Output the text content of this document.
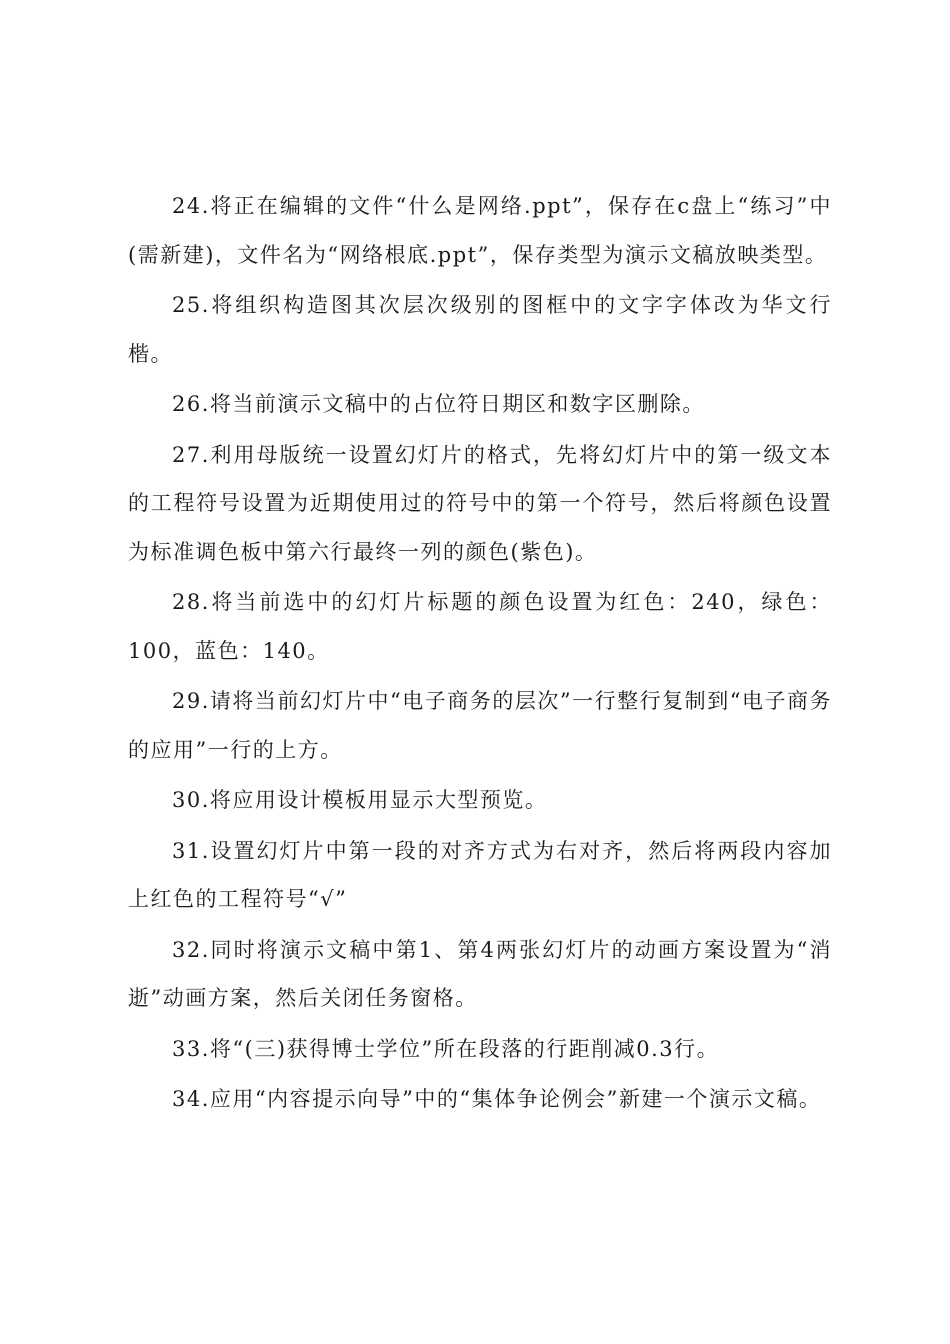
24.将正在编辑的文件“什么是网络.ppt”，保存在c盘上“练习”中(需新建)，文件名为“网络根底.ppt”，保存类型为演示文稿放映类型。

25.将组织构造图其次层次级别的图框中的文字字体改为华文行楷。

26.将当前演示文稿中的占位符日期区和数字区删除。

27.利用母版统一设置幻灯片的格式，先将幻灯片中的第一级文本的工程符号设置为近期使用过的符号中的第一个符号，然后将颜色设置为标准调色板中第六行最终一列的颜色(紫色)。

28.将当前选中的幻灯片标题的颜色设置为红色：240，绿色：100，蓝色：140。

29.请将当前幻灯片中“电子商务的层次”一行整行复制到“电子商务的应用”一行的上方。

30.将应用设计模板用显示大型预览。

31.设置幻灯片中第一段的对齐方式为右对齐，然后将两段内容加上红色的工程符号“√”

32.同时将演示文稿中第1、第4两张幻灯片的动画方案设置为“消逝”动画方案，然后关闭任务窗格。

33.将“(三)获得博士学位”所在段落的行距削减0.3行。

34.应用“内容提示向导”中的“集体争论例会”新建一个演示文稿。
